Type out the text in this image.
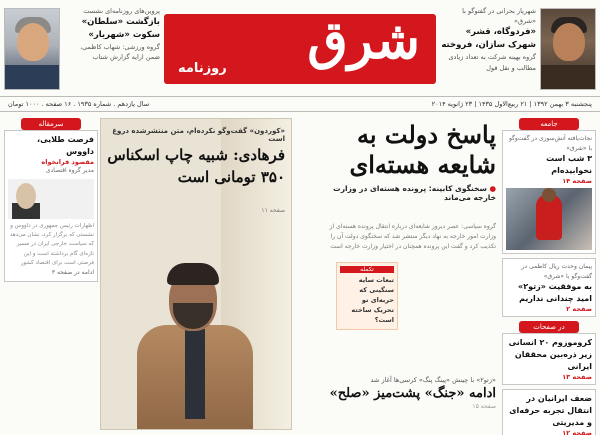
شهریار بحرانی در گفتوگو با «شرق»
«فردوگاه، قشر» شهرک سازان، فروخته
گروه بهینه شرکت به تعداد زیادی مطالب و نقل قول
شرق
روزنامه
پروین‌های روزنامه‌ای نشست
بازگشت «سلطان» سکوت «شهریار»
گروه ورزشی: شهاب کاظمی، ضمن ارایه گزارش شتاب
پنجشنبه ۳ بهمن ۱۳۹۲ | ۲۱ ربیع‌الاول ۱۴۳۵ | ۲۳ ژانویه ۲۰۱۴
سال یازدهم . شماره ۱۹۳۵ . ۱۶ صفحه . ۱۰۰۰ تومان
جامعه
نجات‌یافته آتش‌سوزی در گفت‌وگو با «شرق»
۳ شب است نخوابیده‌ام
صفحه ۱۴
پیمان وحدت ریال کاظمی در گفت‌وگو با «شرق»
به موفقیت «زتو۲» امید چندانی نداریم
صفحه ۲
در صفحات
کروموزوم ۲۰ انسانی زیر ذره‌بین محققان ایرانی
صفحه ۱۳
ضعف ایرانیان در انتقال تجربه حرفه‌ای و مدیریتی
صفحه ۱۲
پاسخ دولت به شایعه هسته‌ای
● سخنگوی کابینه: پرونده هسته‌ای در وزارت خارجه می‌ماند
گروه سیاسی: عصر دیروز شایعه‌ای درباره انتقال پرونده هسته‌ای از وزارت امور خارجه به نهاد دیگر منتشر شد که سخنگوی دولت آن را تکذیب کرد و گفت این پرونده همچنان در اختیار وزارت خارجه است
تکمله
تبعات سایه سنگینی که حربه‌ای نو تحریک ساخته است؟
«زتو۲» با چینش «پینگ پنگ» کرسی‌ها آغاز شد
ادامه «جنگ» پشت‌میز «صلح»
صفحه ۱۵
«کوردون» گفت‌وگو نکرده‌ام، متن منتشرشده دروغ است
فرهادی: شبیه چاپ اسکناس ۳۵۰ تومانی است
صفحه ۱۱
سرمقاله
فرصت طلایی، داووس
مقصود فرانخواه
مدیر گروه اقتصادی
اظهارات رئیس جمهوری در داووس و نشستی که برگزار کرد، نشان می‌دهد که سیاست خارجی ایران در مسیر تازه‌ای گام برداشته است و این فرصتی است برای اقتصاد کشور
ادامه در صفحه ۳
